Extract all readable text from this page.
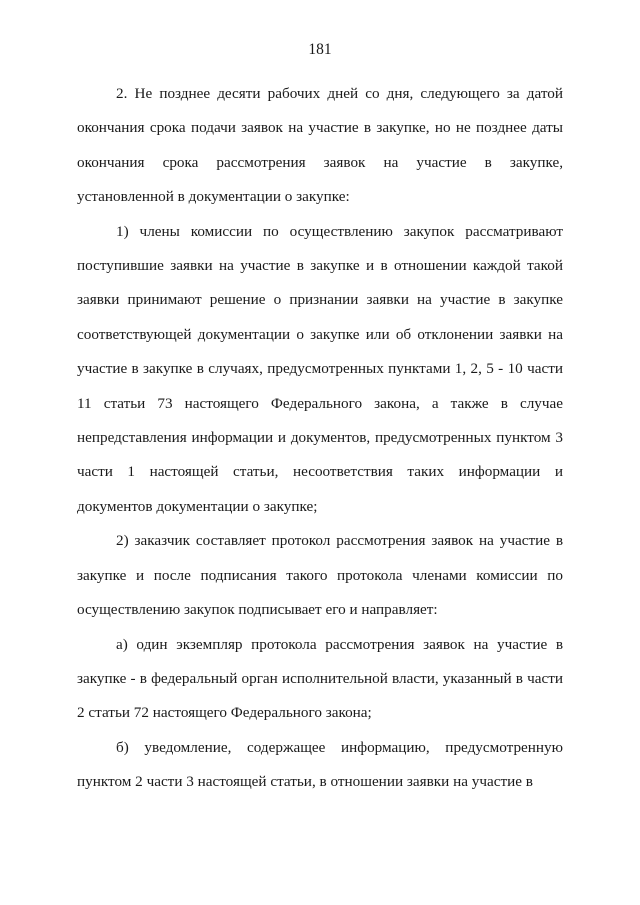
181

2. Не позднее десяти рабочих дней со дня, следующего за датой окончания срока подачи заявок на участие в закупке, но не позднее даты окончания срока рассмотрения заявок на участие в закупке, установленной в документации о закупке:

1) члены комиссии по осуществлению закупок рассматривают поступившие заявки на участие в закупке и в отношении каждой такой заявки принимают решение о признании заявки на участие в закупке соответствующей документации о закупке или об отклонении заявки на участие в закупке в случаях, предусмотренных пунктами 1, 2, 5 - 10 части 11 статьи 73 настоящего Федерального закона, а также в случае непредставления информации и документов, предусмотренных пунктом 3 части 1 настоящей статьи, несоответствия таких информации и документов документации о закупке;

2) заказчик составляет протокол рассмотрения заявок на участие в закупке и после подписания такого протокола членами комиссии по осуществлению закупок подписывает его и направляет:

а) один экземпляр протокола рассмотрения заявок на участие в закупке - в федеральный орган исполнительной власти, указанный в части 2 статьи 72 настоящего Федерального закона;

б) уведомление, содержащее информацию, предусмотренную пунктом 2 части 3 настоящей статьи, в отношении заявки на участие в
